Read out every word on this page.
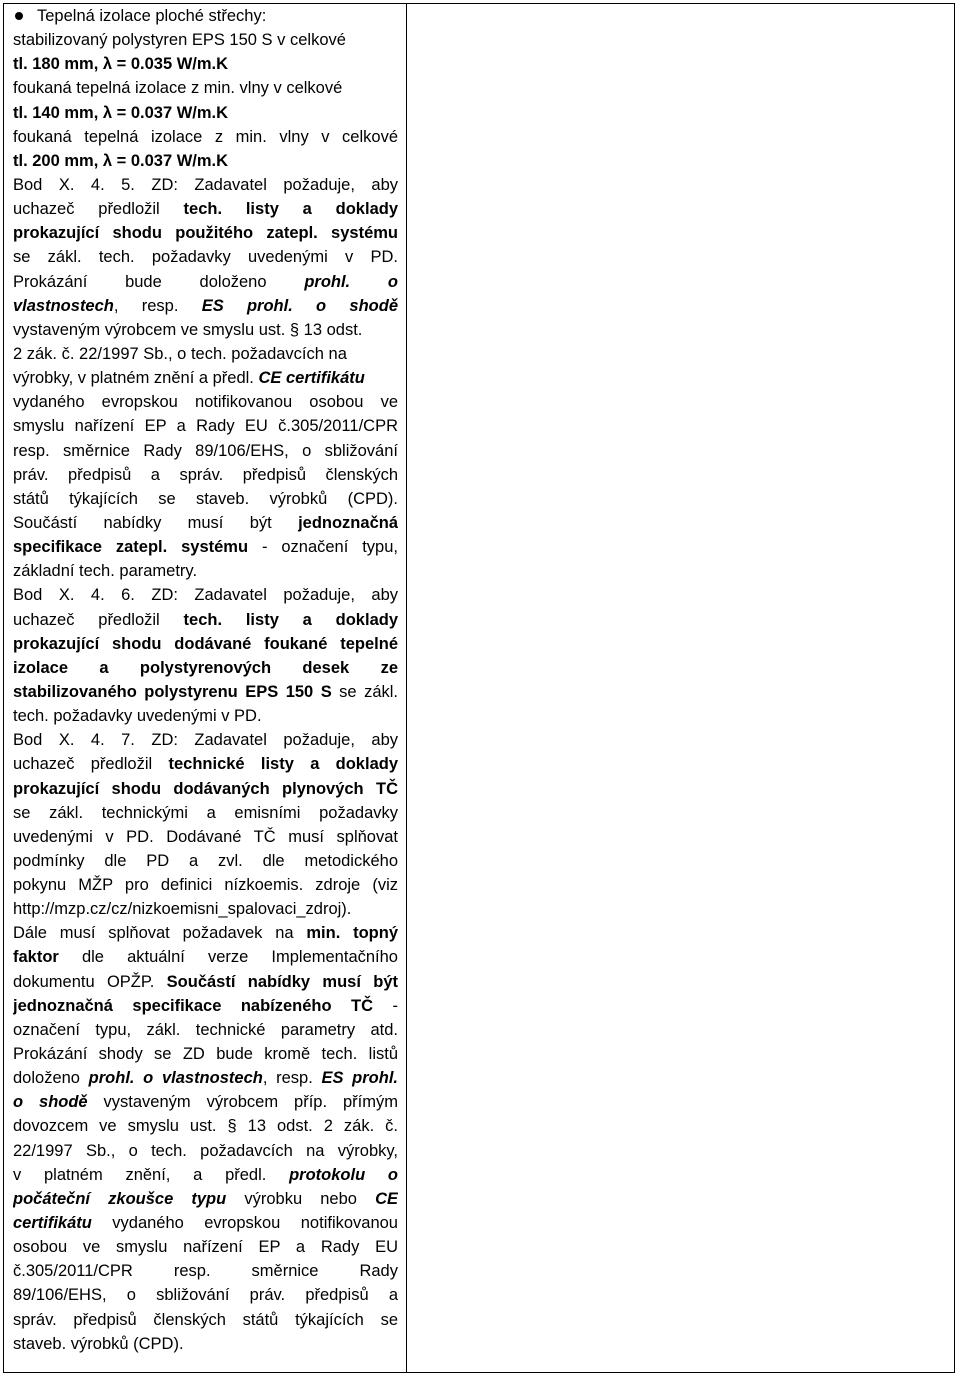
Tepelná izolace ploché střechy:
stabilizovaný polystyren EPS 150 S v celkové
tl. 180 mm, λ = 0.035 W/m.K
foukaná tepelná izolace z min. vlny v celkové
tl. 140 mm, λ = 0.037 W/m.K
foukaná tepelná izolace z min. vlny v celkové
tl. 200 mm, λ = 0.037 W/m.K
Bod X. 4. 5. ZD: Zadavatel požaduje, aby
uchazeč předložil tech. listy a doklady
prokazující shodu použitého zatepl. systému
se zákl. tech. požadavky uvedenými v PD.
Prokázání bude doloženo prohl. o
vlastnostech, resp. ES prohl. o shodě
vystaveným výrobcem ve smyslu ust. § 13 odst.
2 zák. č. 22/1997 Sb., o tech. požadavcích na
výrobky, v platném znění a předl. CE certifikátu
vydaného evropskou notifikovanou osobou ve
smyslu nařízení EP a Rady EU č.305/2011/CPR
resp. směrnice Rady 89/106/EHS, o sbližování
práv. předpisů a správ. předpisů členských
států týkajících se staveb. výrobků (CPD).
Součástí nabídky musí být jednoznačná
specifikace zatepl. systému - označení typu,
základní tech. parametry.
Bod X. 4. 6. ZD: Zadavatel požaduje, aby
uchazeč předložil tech. listy a doklady
prokazující shodu dodávané foukané tepelné
izolace a polystyrenových desek ze
stabilizovaného polystyrenu EPS 150 S se zákl.
tech. požadavky uvedenými v PD.
Bod X. 4. 7. ZD: Zadavatel požaduje, aby
uchazeč předložil technické listy a doklady
prokazující shodu dodávaných plynových TČ
se zákl. technickými a emisními požadavky
uvedenými v PD. Dodávané TČ musí splňovat
podmínky dle PD a zvl. dle metodického
pokynu MŽP pro definici nízkoemis. zdroje (viz
http://mzp.cz/cz/nizkoemisni_spalovaci_zdroj).
Dále musí splňovat požadavek na min. topný
faktor dle aktuální verze Implementačního
dokumentu OPŽP. Součástí nabídky musí být
jednoznačná specifikace nabízeného TČ -
označení typu, zákl. technické parametry atd.
Prokázání shody se ZD bude kromě tech. listů
doloženo prohl. o vlastnostech, resp. ES prohl.
o shodě vystaveným výrobcem příp. přímým
dovozcem ve smyslu ust. § 13 odst. 2 zák. č.
22/1997 Sb., o tech. požadavcích na výrobky,
v platném znění, a předl. protokolu o
počáteční zkoušce typu výrobku nebo CE
certifikátu vydaného evropskou notifikovanou
osobou ve smyslu nařízení EP a Rady EU
č.305/2011/CPR resp. směrnice Rady
89/106/EHS, o sbližování práv. předpisů a
správ. předpisů členských států týkajících se
staveb. výrobků (CPD).
